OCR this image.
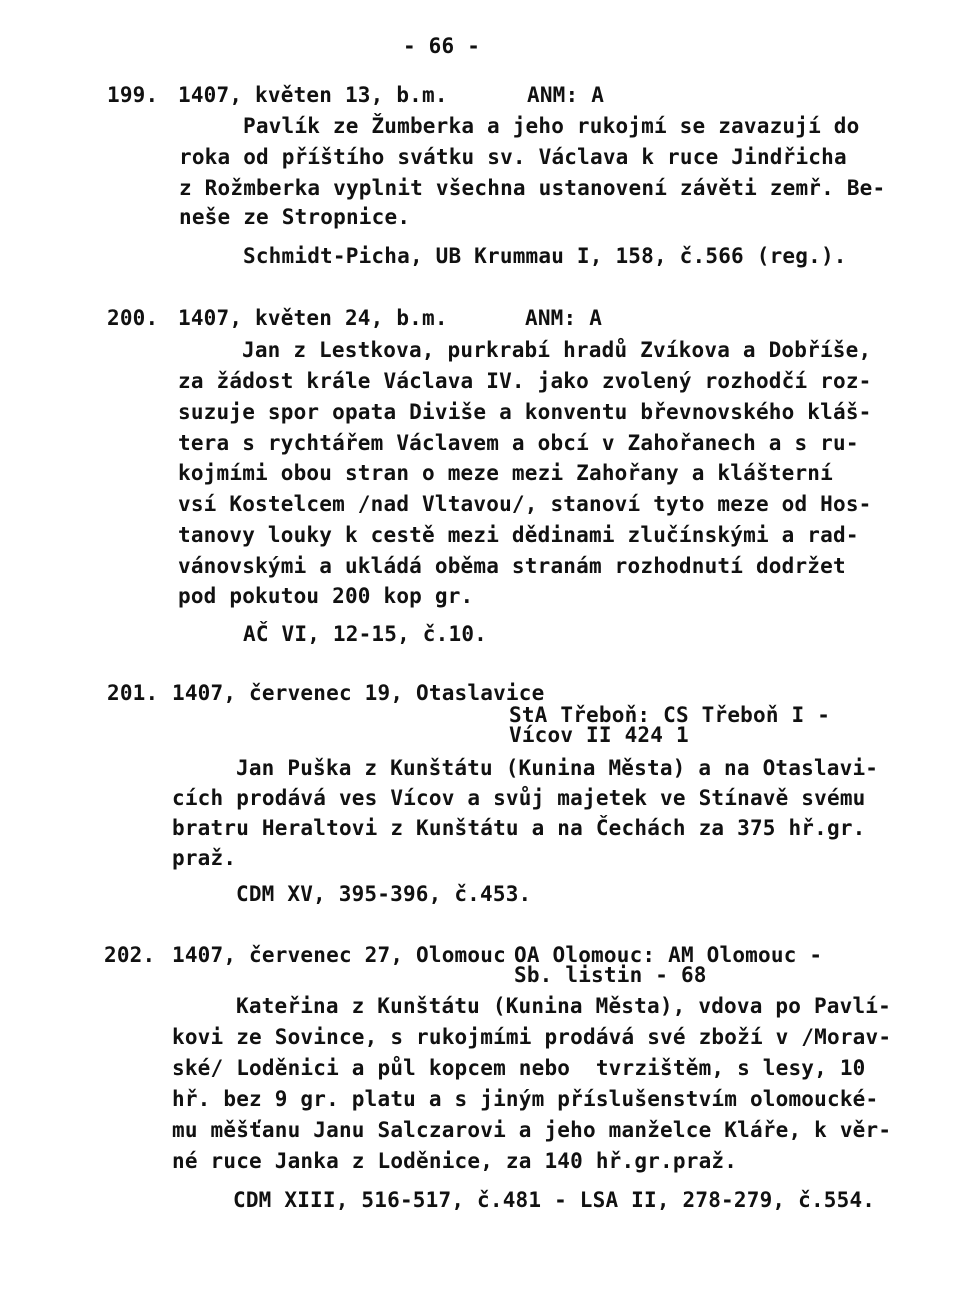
- 66 -
199. 1407, květen 13, b.m.	ANM: A
Pavlík ze Žumberka a jeho rukojmí se zavazují do
roka od příštího svátku sv. Václava k ruce Jindřicha
z Rožmberka vyplnit všechna ustanovení závěti zemř. Be-
neše ze Stropnice.
Schmidt-Picha, UB Krummau I, 158, č.566 (reg.).
200. 1407, květen 24, b.m.	ANM: A
Jan z Lestkova, purkrabí hradů Zvíkova a Dobříše,
za žádost krále Václava IV. jako zvolený rozhodčí roz-
suzuje spor opata Diviše a konventu břevnovského kláš-
tera s rychtářem Václavem a obcí v Zahořanech a s ru-
kojmími obou stran o meze mezi Zahořany a klášterní
vsí Kostelcem /nad Vltavou/, stanoví tyto meze od Hos-
tanovy louky k cestě mezi dědinami zlučínskými a rad-
vánovskými a ukládá oběma stranám rozhodnutí dodržet
pod pokutou 200 kop gr.
AČ VI, 12-15, č.10.
201. 1407, červenec 19, Otaslavice
StA Třeboň: CS Třeboň I -
Vícov II 424 1
Jan Puška z Kunštátu (Kunina Města) a na Otaslavi-
cích prodává ves Vícov a svůj majetek ve Stínavě svému
bratru Heraltovi z Kunštátu a na Čechách za 375 hř.gr.
praž.
CDM XV, 395-396, č.453.
202. 1407, červenec 27, Olomouc OA Olomouc: AM Olomouc -
Sb. listin - 68
Kateřina z Kunštátu (Kunina Města), vdova po Pavlí-
kovi ze Sovince, s rukojmími prodává své zboží v /Morav-
ské/ Loděnici a půl kopcem nebo  tvrzištěm, s lesy, 10
hř. bez 9 gr. platu a s jiným příslušenstvím olomoucké-
mu měšťanu Janu Salczarovi a jeho manželce Kláře, k věr-
né ruce Janka z Loděnice, za 140 hř.gr.praž.
CDM XIII, 516-517, č.481 - LSA II, 278-279, č.554.
